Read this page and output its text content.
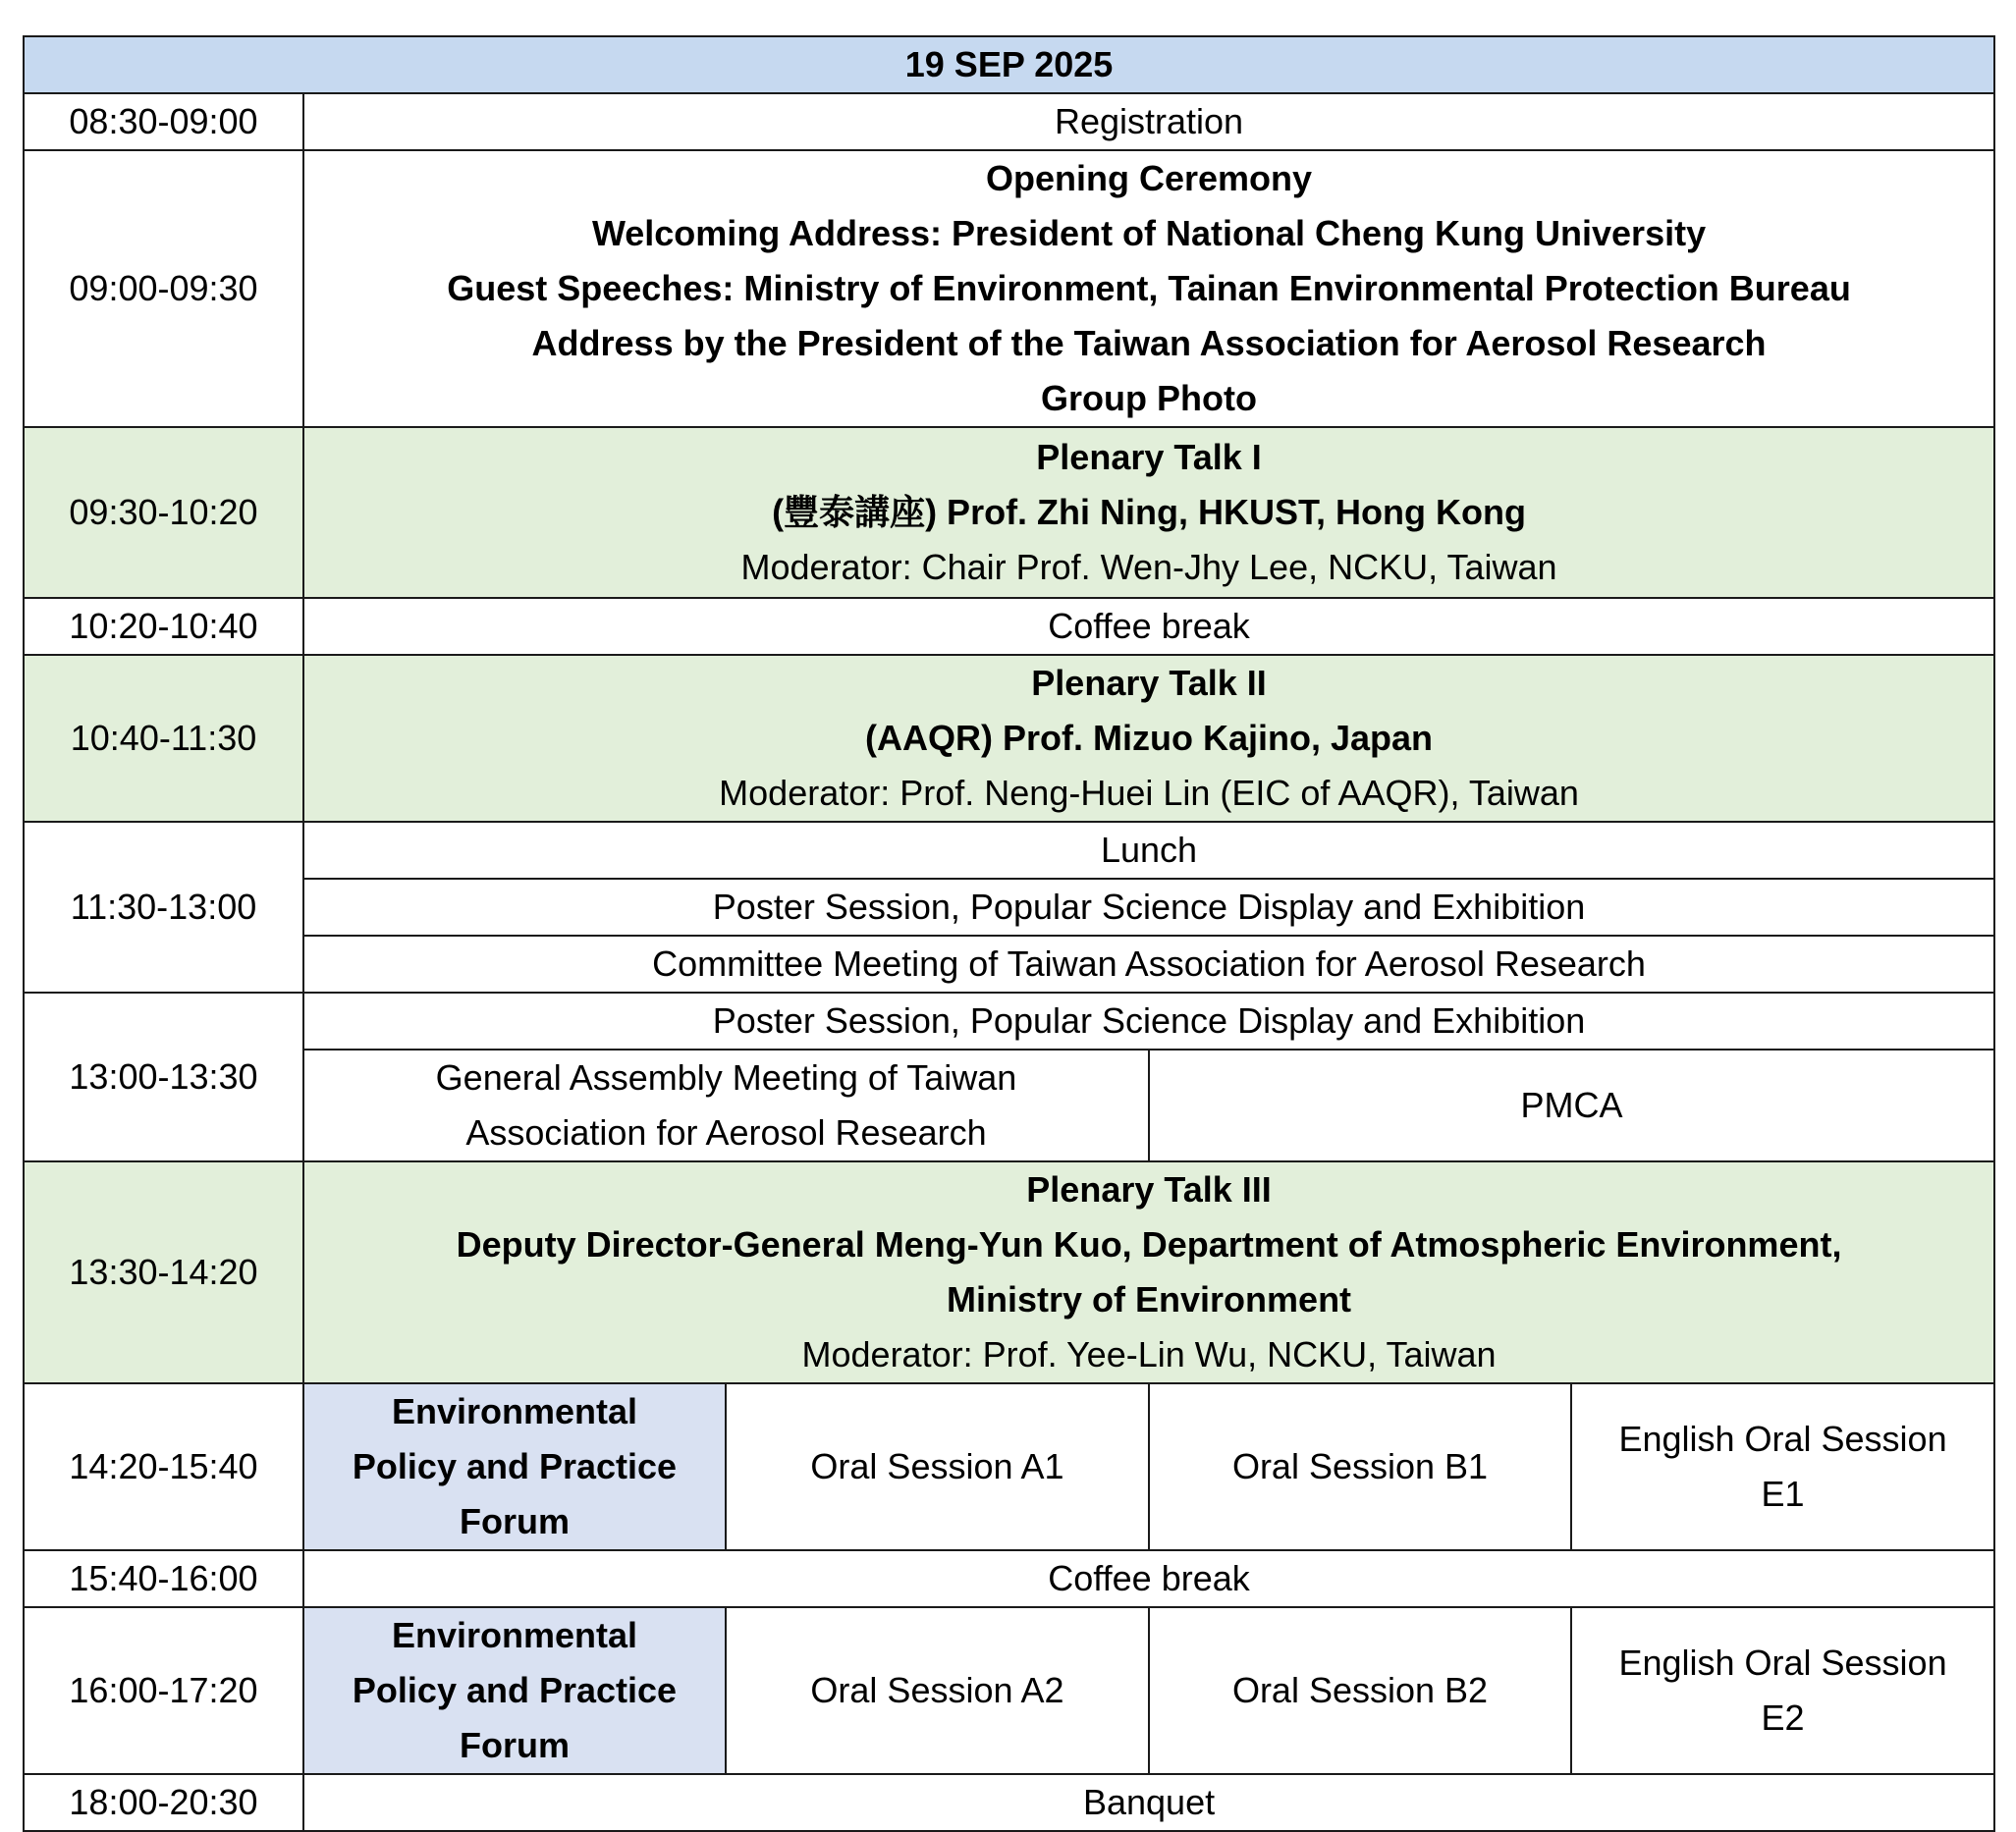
19 SEP 2025				
08:30-09:00	Registration			
09:00-09:30	Opening Ceremony
Welcoming Address: President of National Cheng Kung University
Guest Speeches: Ministry of Environment, Tainan Environmental Protection Bureau
Address by the President of the Taiwan Association for Aerosol Research
Group Photo			

09:30-10:20	Plenary Talk I
(豐泰講座) Prof. Zhi Ning, HKUST, Hong Kong
Moderator: Chair Prof. Wen-Jhy Lee, NCKU, Taiwan			

10:20-10:40	Coffee break			
10:40-11:30	Plenary Talk II
(AAQR) Prof. Mizuo Kajino, Japan
Moderator: Prof. Neng-Huei Lin (EIC of AAQR), Taiwan			

11:30-13:00	Lunch			
	Poster Session, Popular Science Display and Exhibition			
	Committee Meeting of Taiwan Association for Aerosol Research			
13:00-13:30	Poster Session, Popular Science Display and Exhibition			

	General Assembly Meeting of Taiwan
Association for Aerosol Research		PMCA	
13:30-14:20	Plenary Talk III
Deputy Director-General Meng-Yun Kuo, Department of Atmospheric Environment,
Ministry of Environment
Moderator: Prof. Yee-Lin Wu, NCKU, Taiwan			

14:20-15:40	Environmental
Policy and Practice
Forum	Oral Session A1	Oral Session B1	English Oral Session
E1

15:40-16:00	Coffee break			
16:00-17:20	Environmental
Policy and Practice
Forum	Oral Session A2	Oral Session B2	English Oral Session
E2

18:00-20:30	Banquet			
